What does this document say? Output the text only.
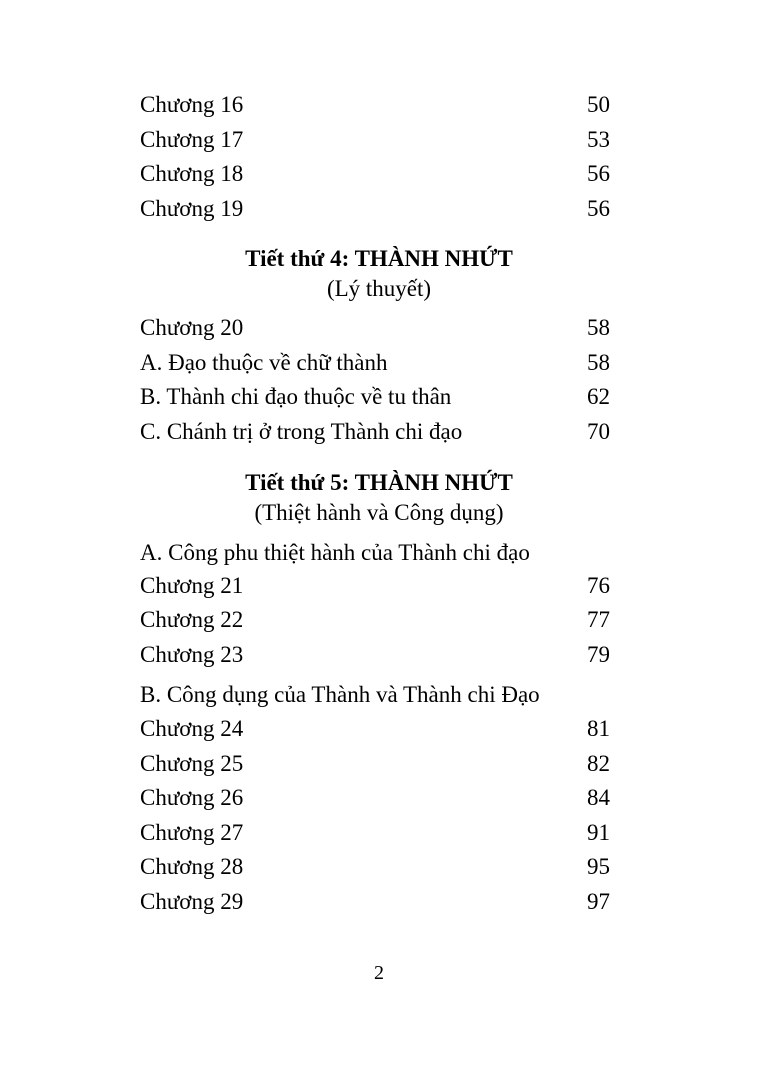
Chương 16	50
Chương 17	53
Chương 18	56
Chương 19	56
Tiết thứ 4: THÀNH NHỨT
(Lý thuyết)
Chương 20	58
A. Đạo thuộc về chữ thành	58
B. Thành chi đạo thuộc về tu thân	62
C. Chánh trị ở trong Thành chi đạo	70
Tiết thứ 5: THÀNH NHỨT
(Thiệt hành và Công dụng)
A. Công phu thiệt hành của Thành chi đạo
Chương 21	76
Chương 22	77
Chương 23	79
B. Công dụng của Thành và Thành chi Đạo
Chương 24	81
Chương 25	82
Chương 26	84
Chương 27	91
Chương 28	95
Chương 29	97
2
